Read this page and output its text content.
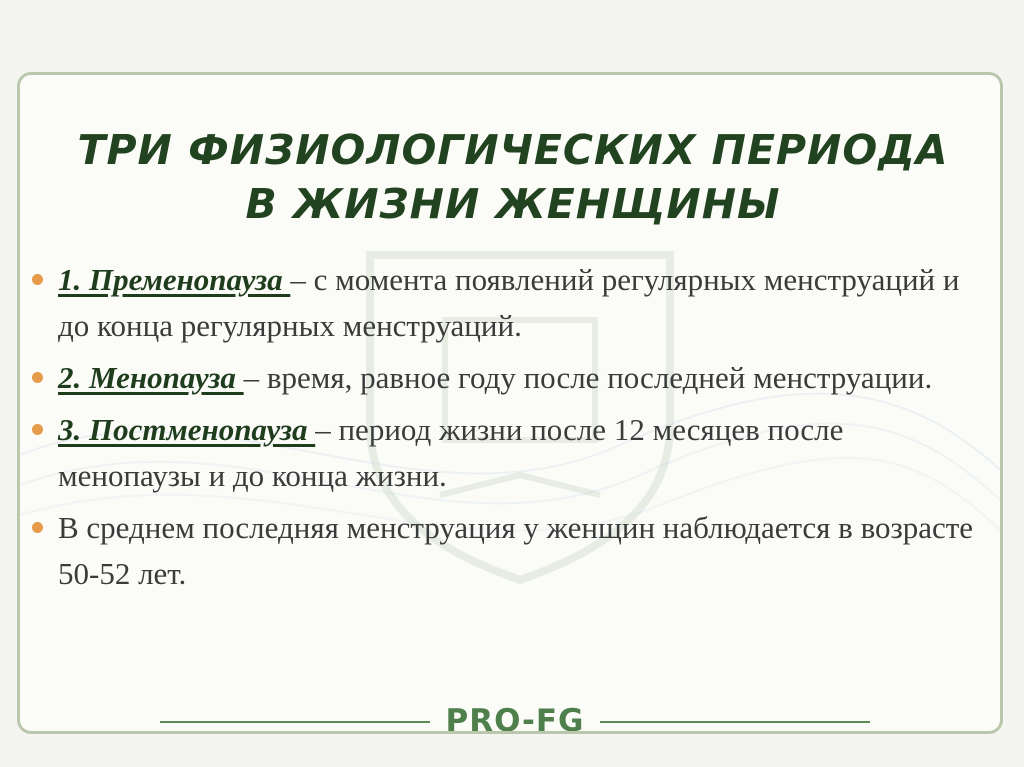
ТРИ ФИЗИОЛОГИЧЕСКИХ ПЕРИОДА
В ЖИЗНИ ЖЕНЩИНЫ
1. Пременопауза – с момента появлений регулярных менструаций и до конца регулярных менструаций.
2. Менопауза – время, равное году после последней менструации.
3. Постменопауза – период жизни после 12 месяцев после менопаузы и до конца жизни.
В среднем последняя менструация у женщин наблюдается в возрасте 50-52 лет.
PRO-FG
